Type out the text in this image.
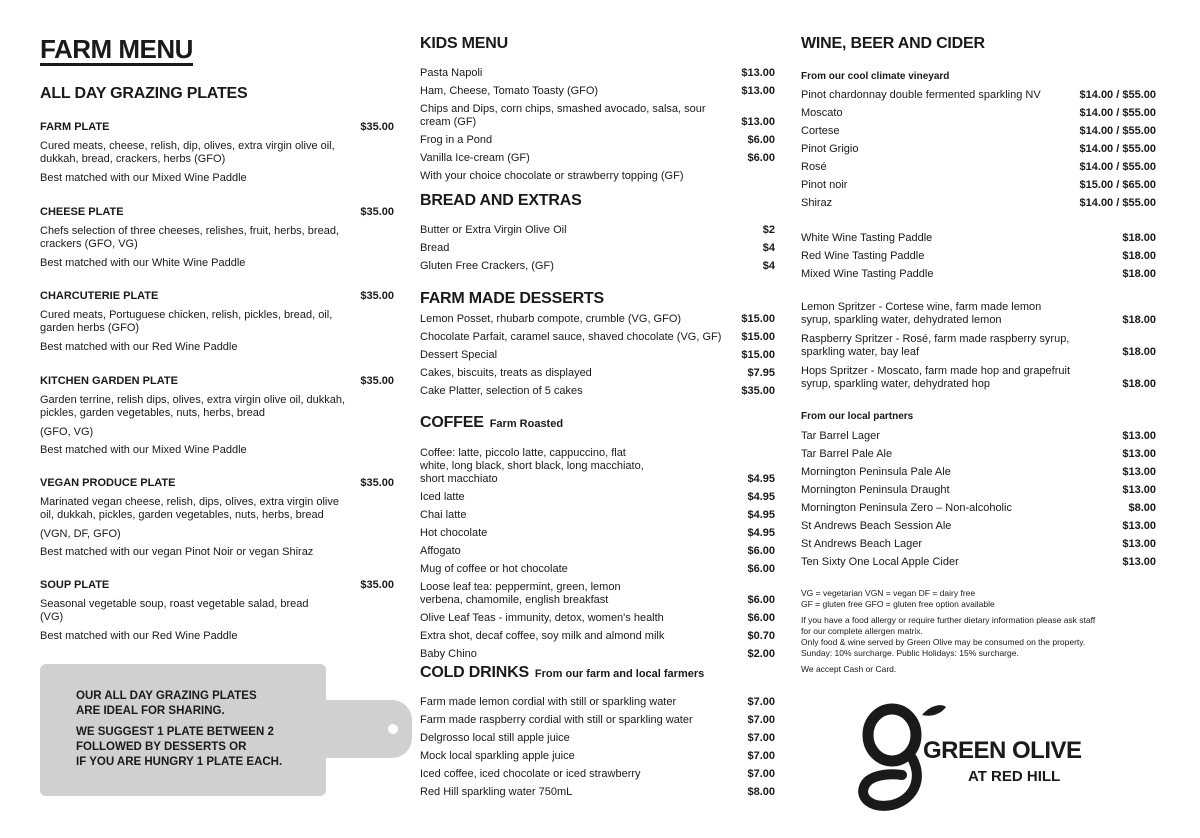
FARM MENU
ALL DAY GRAZING PLATES
FARM PLATE	$35.00
Cured meats, cheese, relish, dip, olives, extra virgin olive oil, dukkah, bread, crackers, herbs (GFO)
Best matched with our Mixed Wine Paddle
CHEESE PLATE	$35.00
Chefs selection of three cheeses, relishes, fruit, herbs, bread, crackers (GFO, VG)
Best matched with our White Wine Paddle
CHARCUTERIE PLATE	$35.00
Cured meats, Portuguese chicken, relish, pickles, bread, oil, garden herbs (GFO)
Best matched with our Red Wine Paddle
KITCHEN GARDEN PLATE	$35.00
Garden terrine, relish dips, olives, extra virgin olive oil, dukkah, pickles, garden vegetables, nuts, herbs, bread
(GFO, VG)
Best matched with our Mixed Wine Paddle
VEGAN PRODUCE PLATE	$35.00
Marinated vegan cheese, relish, dips, olives, extra virgin olive oil, dukkah, pickles, garden vegetables, nuts, herbs, bread
(VGN, DF, GFO)
Best matched with our vegan Pinot Noir or vegan Shiraz
SOUP PLATE	$35.00
Seasonal vegetable soup, roast vegetable salad, bread
(VG)
Best matched with our Red Wine Paddle
OUR ALL DAY GRAZING PLATES
ARE IDEAL FOR SHARING.
WE SUGGEST 1 PLATE BETWEEN 2
FOLLOWED BY DESSERTS OR
IF YOU ARE HUNGRY 1 PLATE EACH.
KIDS MENU
Pasta Napoli	$13.00
Ham, Cheese, Tomato Toasty (GFO)	$13.00
Chips and Dips, corn chips, smashed avocado, salsa, sour cream (GF)	$13.00
Frog in a Pond	$6.00
Vanilla Ice-cream (GF)	$6.00
With your choice chocolate or strawberry topping (GF)
BREAD AND EXTRAS
Butter or Extra Virgin Olive Oil	$2
Bread	$4
Gluten Free Crackers, (GF)	$4
FARM MADE DESSERTS
Lemon Posset, rhubarb compote, crumble (VG, GFO)	$15.00
Chocolate Parfait, caramel sauce, shaved chocolate (VG, GF)	$15.00
Dessert Special	$15.00
Cakes, biscuits, treats as displayed	$7.95
Cake Platter, selection of 5 cakes	$35.00
COFFEE Farm Roasted
Coffee: latte, piccolo latte, cappuccino, flat white, long black, short black, long macchiato, short macchiato	$4.95
Iced latte	$4.95
Chai latte	$4.95
Hot chocolate	$4.95
Affogato	$6.00
Mug of coffee or hot chocolate	$6.00
Loose leaf tea: peppermint, green, lemon verbena, chamomile, english breakfast	$6.00
Olive Leaf Teas - immunity, detox, women's health	$6.00
Extra shot, decaf coffee, soy milk and almond milk	$0.70
Baby Chino	$2.00
COLD DRINKS From our farm and local farmers
Farm made lemon cordial with still or sparkling water	$7.00
Farm made raspberry cordial with still or sparkling water	$7.00
Delgrosso local still apple juice	$7.00
Mock local sparkling apple juice	$7.00
Iced coffee, iced chocolate or iced strawberry	$7.00
Red Hill sparkling water 750mL	$8.00
WINE, BEER AND CIDER
From our cool climate vineyard
Pinot chardonnay double fermented sparkling NV	$14.00 / $55.00
Moscato	$14.00 / $55.00
Cortese	$14.00 / $55.00
Pinot Grigio	$14.00 / $55.00
Rosé	$14.00 / $55.00
Pinot noir	$15.00 / $65.00
Shiraz	$14.00 / $55.00
White Wine Tasting Paddle	$18.00
Red Wine Tasting Paddle	$18.00
Mixed Wine Tasting Paddle	$18.00
Lemon Spritzer - Cortese wine, farm made lemon syrup, sparkling water, dehydrated lemon	$18.00
Raspberry Spritzer - Rosé, farm made raspberry syrup, sparkling water, bay leaf	$18.00
Hops Spritzer - Moscato, farm made hop and grapefruit syrup, sparkling water, dehydrated hop	$18.00
From our local partners
Tar Barrel Lager	$13.00
Tar Barrel Pale Ale	$13.00
Mornington Peninsula Pale Ale	$13.00
Mornington Peninsula Draught	$13.00
Mornington Peninsula Zero – Non-alcoholic	$8.00
St Andrews Beach Session Ale	$13.00
St Andrews Beach Lager	$13.00
Ten Sixty One Local Apple Cider	$13.00
VG = vegetarian VGN = vegan DF = dairy free
GF = gluten free GFO = gluten free option available
If you have a food allergy or require further dietary information please ask staff for our complete allergen matrix.
Only food & wine served by Green Olive may be consumed on the property.
Sunday: 10% surcharge. Public Holidays: 15% surcharge.
We accept Cash or Card.
GREEN OLIVE
AT RED HILL
